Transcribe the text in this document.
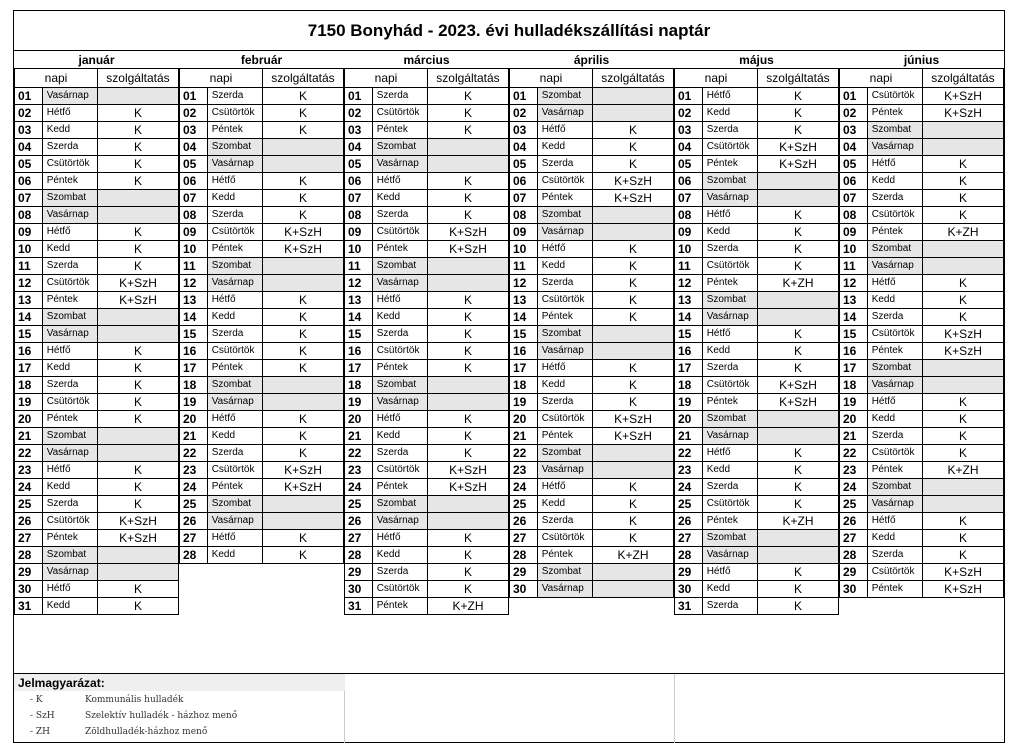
7150 Bonyhád - 2023. évi hulladékszállítási naptár
január
napi	szolgáltatás
01	Vasárnap
02	Hétfő	K
03	Kedd	K
04	Szerda	K
05	Csütörtök	K
06	Péntek	K
07	Szombat
08	Vasárnap
09	Hétfő	K
10	Kedd	K
11	Szerda	K
12	Csütörtök	K+SzH
13	Péntek	K+SzH
14	Szombat
15	Vasárnap
16	Hétfő	K
17	Kedd	K
18	Szerda	K
19	Csütörtök	K
20	Péntek	K
21	Szombat
22	Vasárnap
23	Hétfő	K
24	Kedd	K
25	Szerda	K
26	Csütörtök	K+SzH
27	Péntek	K+SzH
28	Szombat
29	Vasárnap
30	Hétfő	K
31	Kedd	K
február
napi	szolgáltatás
01	Szerda	K
02	Csütörtök	K
03	Péntek	K
04	Szombat
05	Vasárnap
06	Hétfő	K
07	Kedd	K
08	Szerda	K
09	Csütörtök	K+SzH
10	Péntek	K+SzH
11	Szombat
12	Vasárnap
13	Hétfő	K
14	Kedd	K
15	Szerda	K
16	Csütörtök	K
17	Péntek	K
18	Szombat
19	Vasárnap
20	Hétfő	K
21	Kedd	K
22	Szerda	K
23	Csütörtök	K+SzH
24	Péntek	K+SzH
25	Szombat
26	Vasárnap
27	Hétfő	K
28	Kedd	K
március
napi	szolgáltatás
01	Szerda	K
02	Csütörtök	K
03	Péntek	K
04	Szombat
05	Vasárnap
06	Hétfő	K
07	Kedd	K
08	Szerda	K
09	Csütörtök	K+SzH
10	Péntek	K+SzH
11	Szombat
12	Vasárnap
13	Hétfő	K
14	Kedd	K
15	Szerda	K
16	Csütörtök	K
17	Péntek	K
18	Szombat
19	Vasárnap
20	Hétfő	K
21	Kedd	K
22	Szerda	K
23	Csütörtök	K+SzH
24	Péntek	K+SzH
25	Szombat
26	Vasárnap
27	Hétfő	K
28	Kedd	K
29	Szerda	K
30	Csütörtök	K
31	Péntek	K+ZH
április
napi	szolgáltatás
01	Szombat
02	Vasárnap
03	Hétfő	K
04	Kedd	K
05	Szerda	K
06	Csütörtök	K+SzH
07	Péntek	K+SzH
08	Szombat
09	Vasárnap
10	Hétfő	K
11	Kedd	K
12	Szerda	K
13	Csütörtök	K
14	Péntek	K
15	Szombat
16	Vasárnap
17	Hétfő	K
18	Kedd	K
19	Szerda	K
20	Csütörtök	K+SzH
21	Péntek	K+SzH
22	Szombat
23	Vasárnap
24	Hétfő	K
25	Kedd	K
26	Szerda	K
27	Csütörtök	K
28	Péntek	K+ZH
29	Szombat
30	Vasárnap
május
napi	szolgáltatás
01	Hétfő	K
02	Kedd	K
03	Szerda	K
04	Csütörtök	K+SzH
05	Péntek	K+SzH
06	Szombat
07	Vasárnap
08	Hétfő	K
09	Kedd	K
10	Szerda	K
11	Csütörtök	K
12	Péntek	K+ZH
13	Szombat
14	Vasárnap
15	Hétfő	K
16	Kedd	K
17	Szerda	K
18	Csütörtök	K+SzH
19	Péntek	K+SzH
20	Szombat
21	Vasárnap
22	Hétfő	K
23	Kedd	K
24	Szerda	K
25	Csütörtök	K
26	Péntek	K+ZH
27	Szombat
28	Vasárnap
29	Hétfő	K
30	Kedd	K
31	Szerda	K
június
napi	szolgáltatás
01	Csütörtök	K+SzH
02	Péntek	K+SzH
03	Szombat
04	Vasárnap
05	Hétfő	K
06	Kedd	K
07	Szerda	K
08	Csütörtök	K
09	Péntek	K+ZH
10	Szombat
11	Vasárnap
12	Hétfő	K
13	Kedd	K
14	Szerda	K
15	Csütörtök	K+SzH
16	Péntek	K+SzH
17	Szombat
18	Vasárnap
19	Hétfő	K
20	Kedd	K
21	Szerda	K
22	Csütörtök	K
23	Péntek	K+ZH
24	Szombat
25	Vasárnap
26	Hétfő	K
27	Kedd	K
28	Szerda	K
29	Csütörtök	K+SzH
30	Péntek	K+SzH
Jelmagyarázat:
- K	Kommunális hulladék
- SzH	Szelektív hulladék - házhoz menő
- ZH	Zöldhulladék-házhoz menő
